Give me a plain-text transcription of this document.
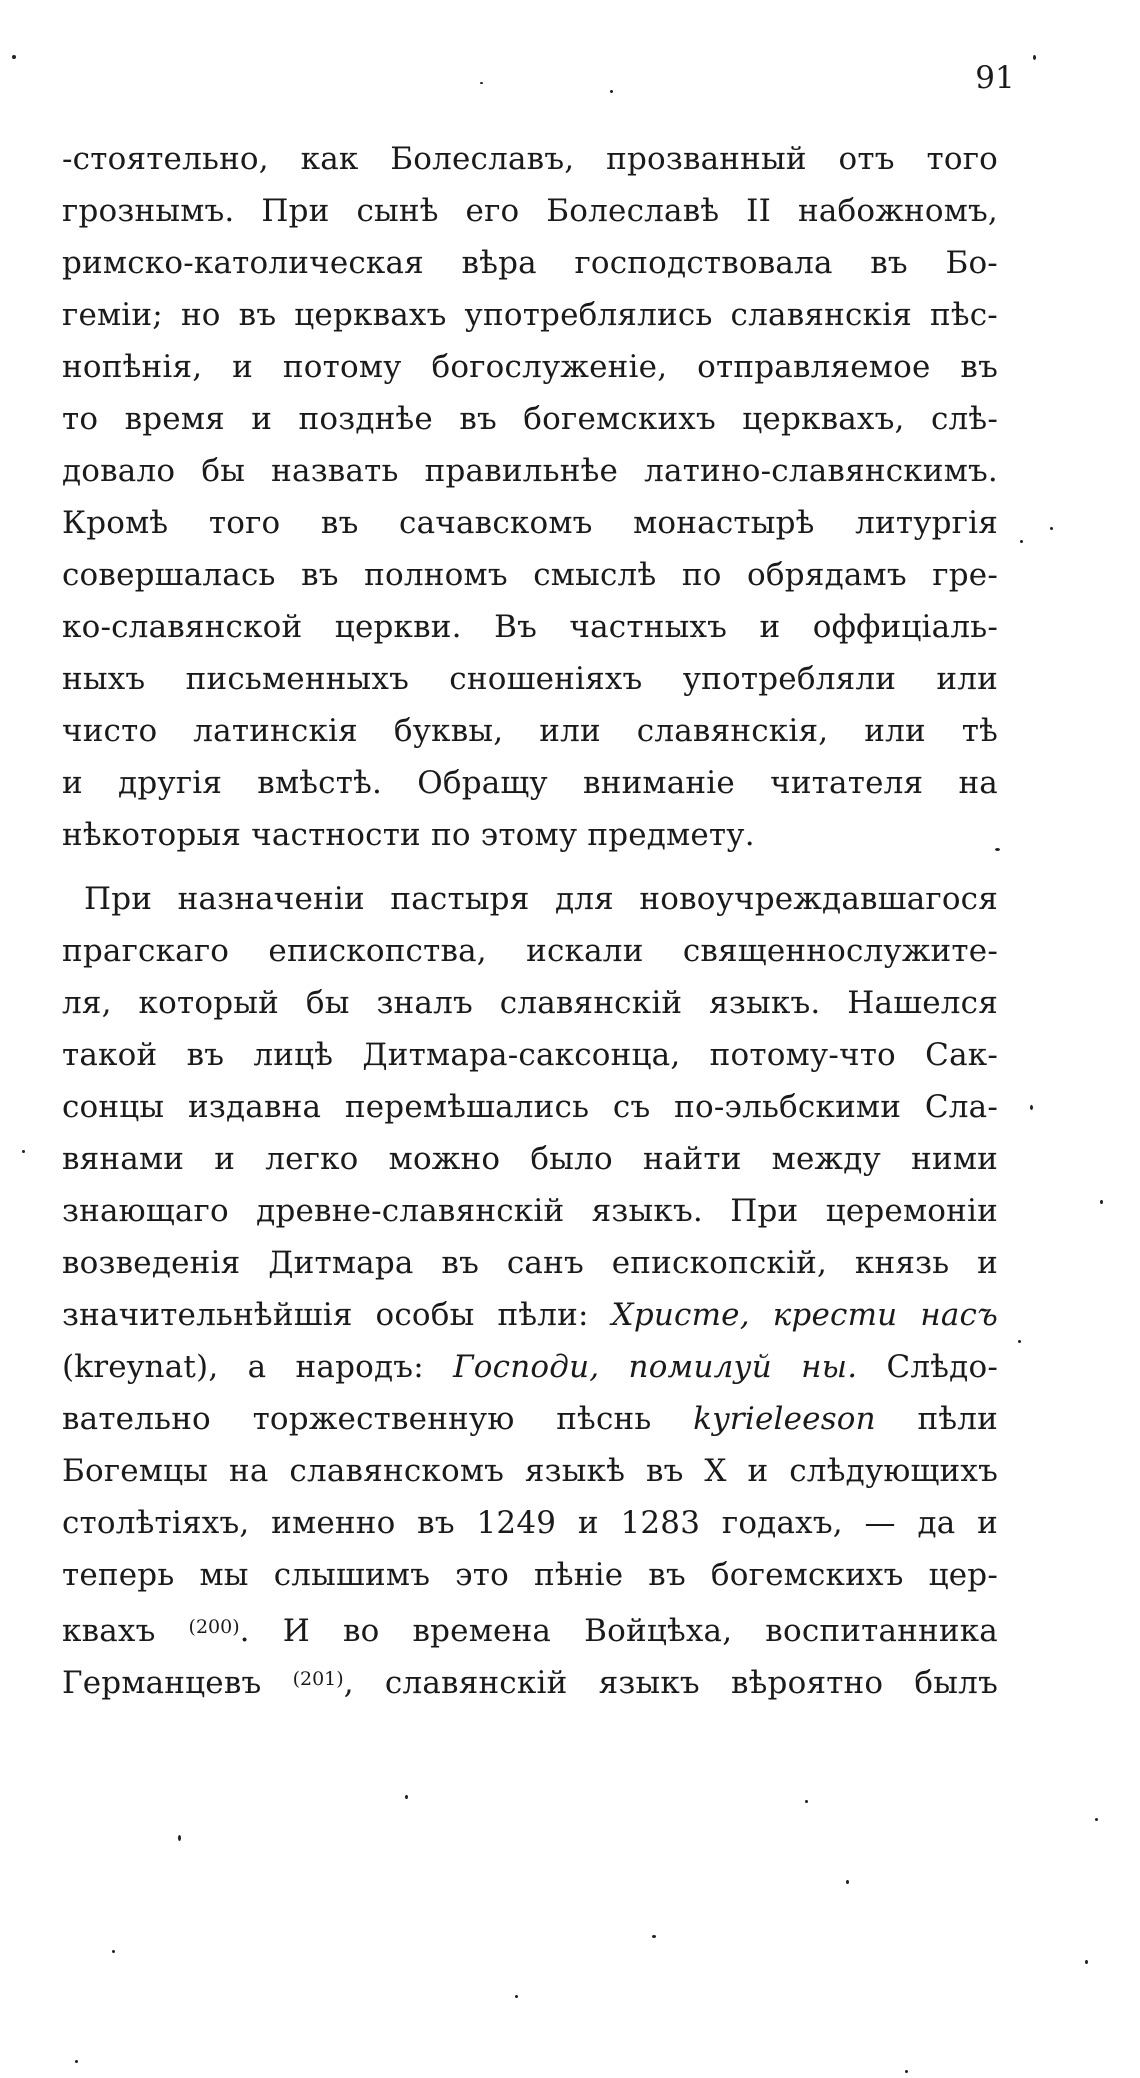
91
-стоятельно, как Болеславъ, прозванный отъ того
грознымъ. При сынѣ его Болеславѣ II набожномъ,
римско-католическая вѣра господствовала въ Бо-
геміи; но въ церквахъ употреблялись славянскія пѣс-
нопѣнія, и потому богослуженіе, отправляемое въ
то время и позднѣе въ богемскихъ церквахъ, слѣ-
довало бы назвать правильнѣе латино-славянскимъ.
Кромѣ того въ сачавскомъ монастырѣ литургія
совершалась въ полномъ смыслѣ по обрядамъ гре-
ко-славянской церкви. Въ частныхъ и оффиціаль-
ныхъ письменныхъ сношеніяхъ употребляли или
чисто латинскія буквы, или славянскія, или тѣ
и другія вмѣстѣ. Обращу вниманіе читателя на
нѣкоторыя частности по этому предмету.
При назначеніи пастыря для новоучреждавшагося
прагскаго епископства, искали священнослужите-
ля, который бы зналъ славянскій языкъ. Нашелся
такой въ лицѣ Дитмара-саксонца, потому-что Сак-
сонцы издавна перемѣшались съ по-эльбскими Сла-
вянами и легко можно было найти между ними
знающаго древне-славянскій языкъ. При церемоніи
возведенія Дитмара въ санъ епископскій, князь и
значительнѣйшія особы пѣли: Христе, крести насъ
(kreynat), а народъ: Господи, помилуй ны. Слѣдо-
вательно торжественную пѣснь kyrieleeson пѣли
Богемцы на славянскомъ языкѣ въ X и слѣдующихъ
столѣтіяхъ, именно въ 1249 и 1283 годахъ, — да и
теперь мы слышимъ это пѣніе въ богемскихъ цер-
квахъ $^{(200)}$. И во времена Войцѣха, воспитанника
Германцевъ $^{(201)}$, славянскій языкъ вѣроятно былъ
